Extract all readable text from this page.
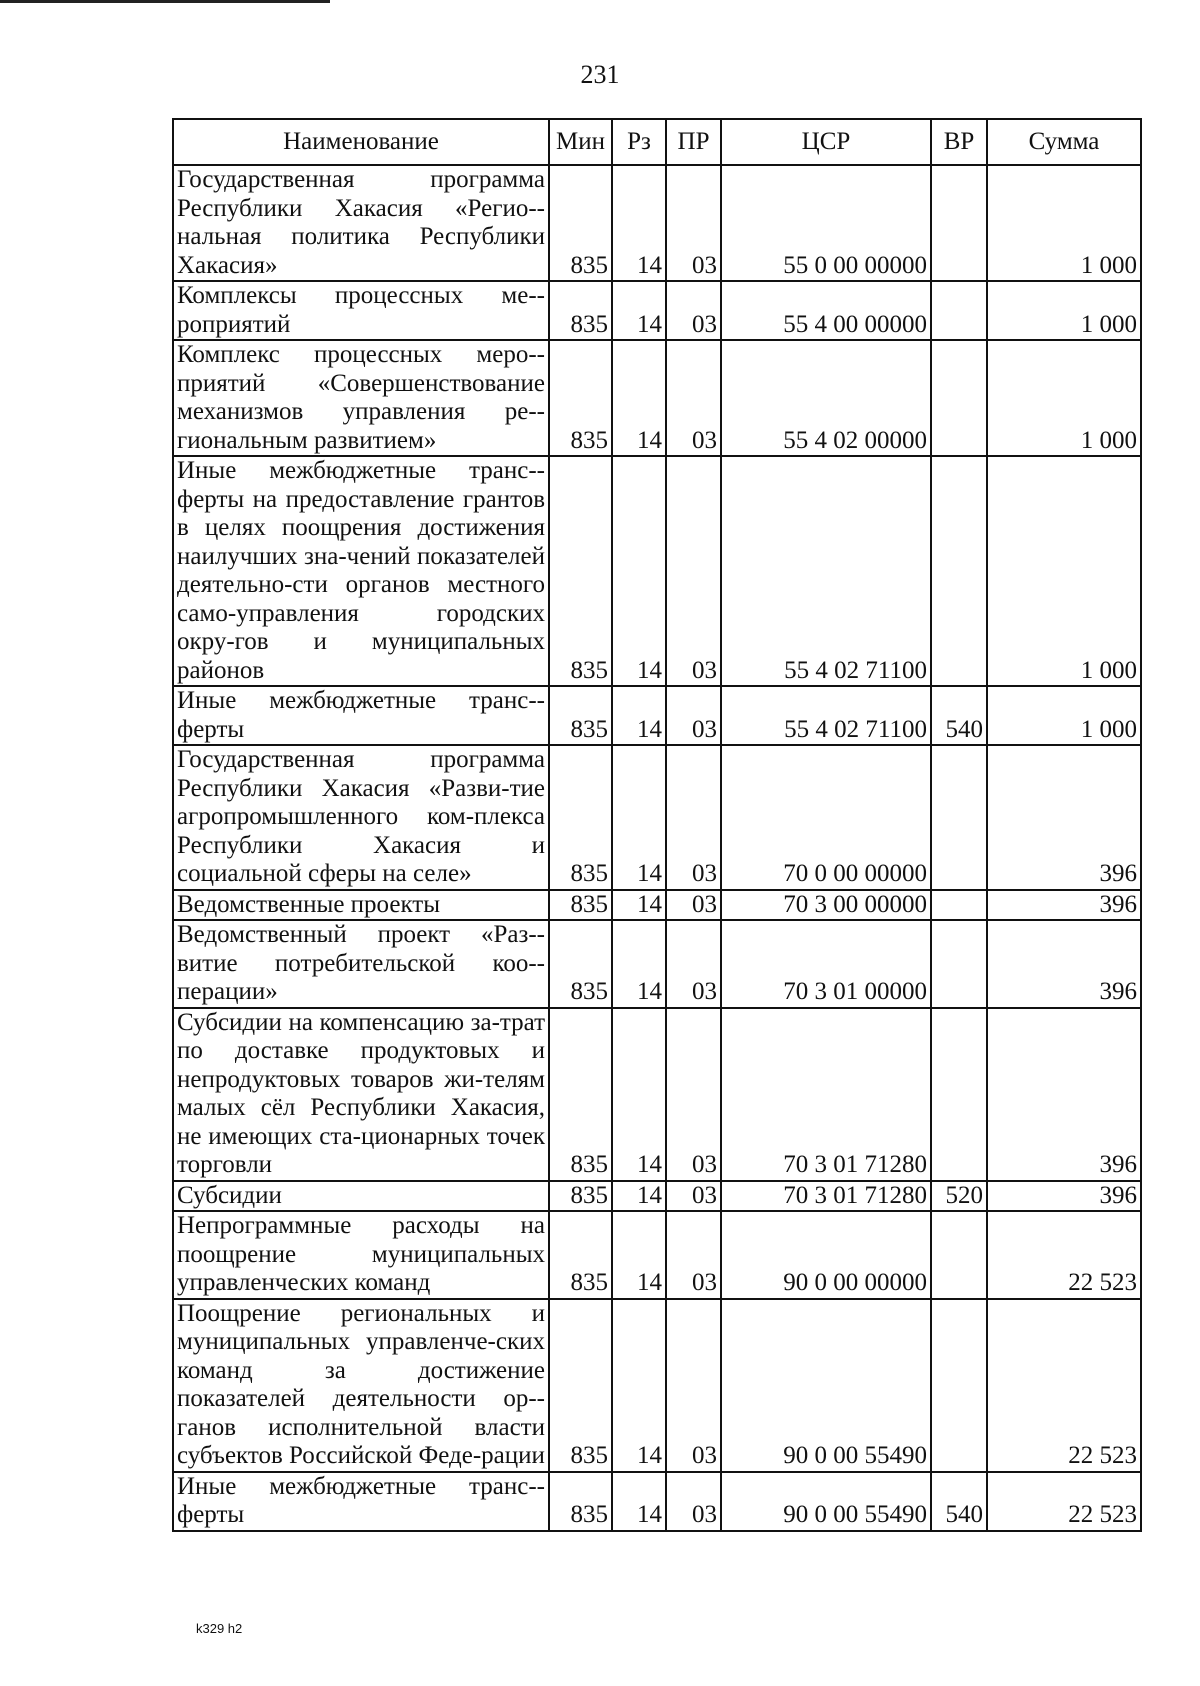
231
Наименование	Мин	Рз	ПР	ЦСР	ВР	Сумма
Государственная программа Республики Хакасия «Регио-нальная политика Республики Хакасия»	835	14	03	55 0 00 00000		1 000
Комплексы процессных ме-роприятий	835	14	03	55 4 00 00000		1 000
Комплекс процессных меро-приятий «Совершенствование механизмов управления ре-гиональным развитием»	835	14	03	55 4 02 00000		1 000
Иные межбюджетные транс-ферты на предоставление грантов в целях поощрения достижения наилучших зна-чений показателей деятельно-сти органов местного само-управления городских окру-гов и муниципальных районов	835	14	03	55 4 02 71100		1 000
Иные межбюджетные транс-ферты	835	14	03	55 4 02 71100	540	1 000
Государственная программа Республики Хакасия «Разви-тие агропромышленного ком-плекса Республики Хакасия и социальной сферы на селе»	835	14	03	70 0 00 00000		396
Ведомственные проекты	835	14	03	70 3 00 00000		396
Ведомственный проект «Раз-витие потребительской коо-перации»	835	14	03	70 3 01 00000		396
Субсидии на компенсацию за-трат по доставке продуктовых и непродуктовых товаров жи-телям малых сёл Республики Хакасия, не имеющих ста-ционарных точек торговли	835	14	03	70 3 01 71280		396
Субсидии	835	14	03	70 3 01 71280	520	396
Непрограммные расходы на поощрение муниципальных управленческих команд	835	14	03	90 0 00 00000		22 523
Поощрение региональных и муниципальных управленче-ских команд за достижение показателей деятельности ор-ганов исполнительной власти субъектов Российской Феде-рации	835	14	03	90 0 00 55490		22 523
Иные межбюджетные транс-ферты	835	14	03	90 0 00 55490	540	22 523
k329 h2
